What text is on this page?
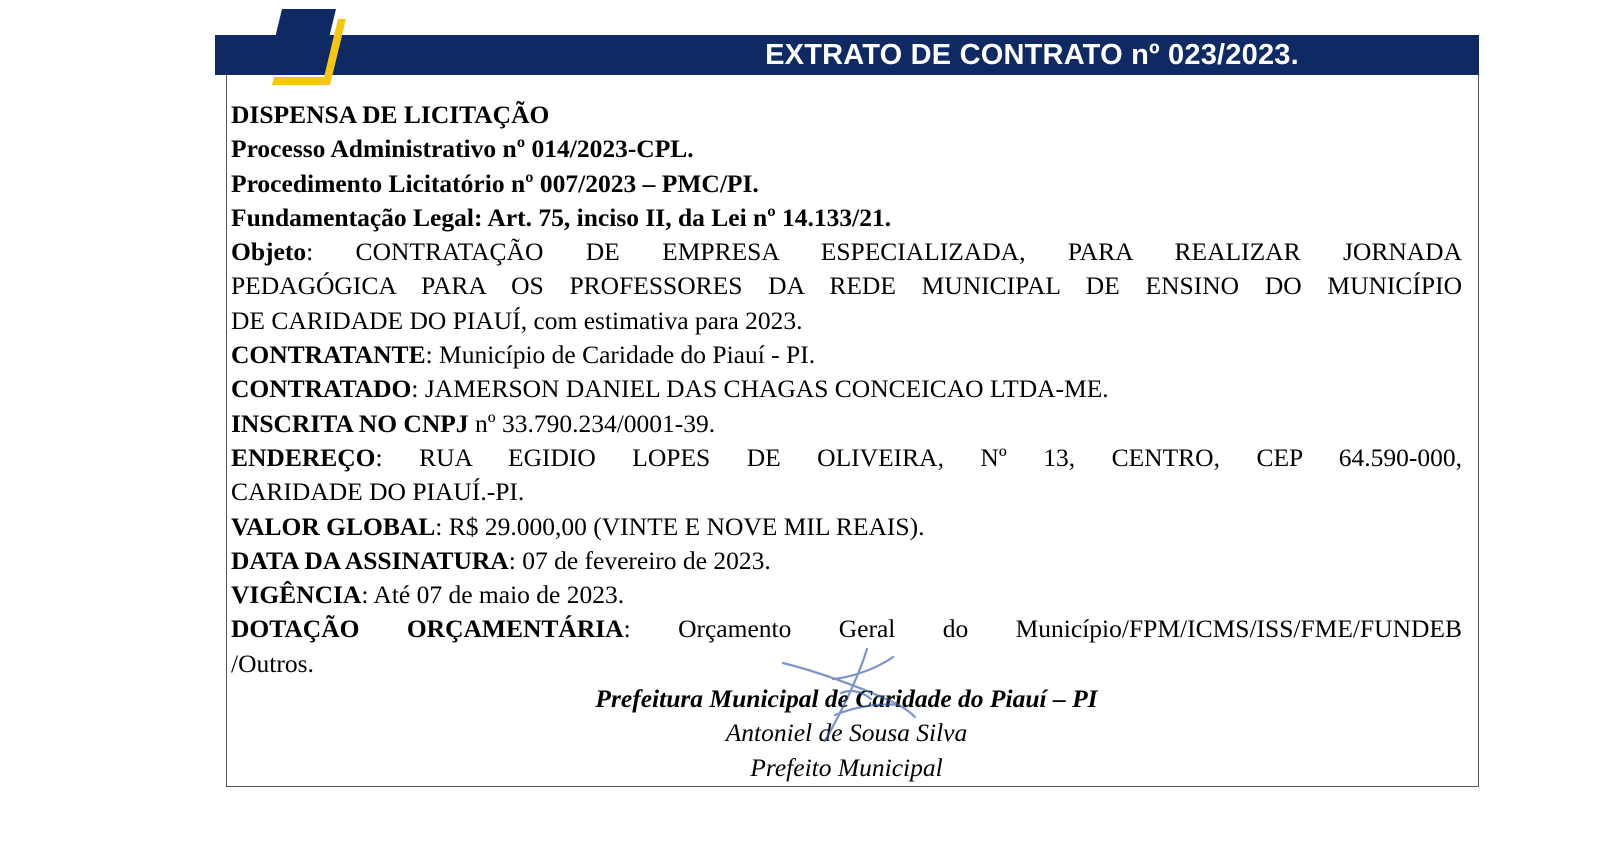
EXTRATO DE CONTRATO nº 023/2023.
DISPENSA DE LICITAÇÃO
Processo Administrativo nº 014/2023-CPL.
Procedimento Licitatório nº 007/2023 – PMC/PI.
Fundamentação Legal: Art. 75, inciso II, da Lei nº 14.133/21.
Objeto: CONTRATAÇÃO DE EMPRESA ESPECIALIZADA, PARA REALIZAR JORNADA
PEDAGÓGICA PARA OS PROFESSORES DA REDE MUNICIPAL DE ENSINO DO MUNICÍPIO
DE CARIDADE DO PIAUÍ, com estimativa para 2023.
CONTRATANTE: Município de Caridade do Piauí - PI.
CONTRATADO: JAMERSON DANIEL DAS CHAGAS CONCEICAO LTDA-ME.
INSCRITA NO CNPJ nº 33.790.234/0001-39.
ENDEREÇO: RUA EGIDIO LOPES DE OLIVEIRA, Nº 13, CENTRO, CEP 64.590-000,
CARIDADE DO PIAUÍ.-PI.
VALOR GLOBAL: R$ 29.000,00 (VINTE E NOVE MIL REAIS).
DATA DA ASSINATURA: 07 de fevereiro de 2023.
VIGÊNCIA: Até 07 de maio de 2023.
DOTAÇÃO ORÇAMENTÁRIA: Orçamento Geral do Município/FPM/ICMS/ISS/FME/FUNDEB
/Outros.
Prefeitura Municipal de Caridade do Piauí – PI
Antoniel de Sousa Silva
Prefeito Municipal
